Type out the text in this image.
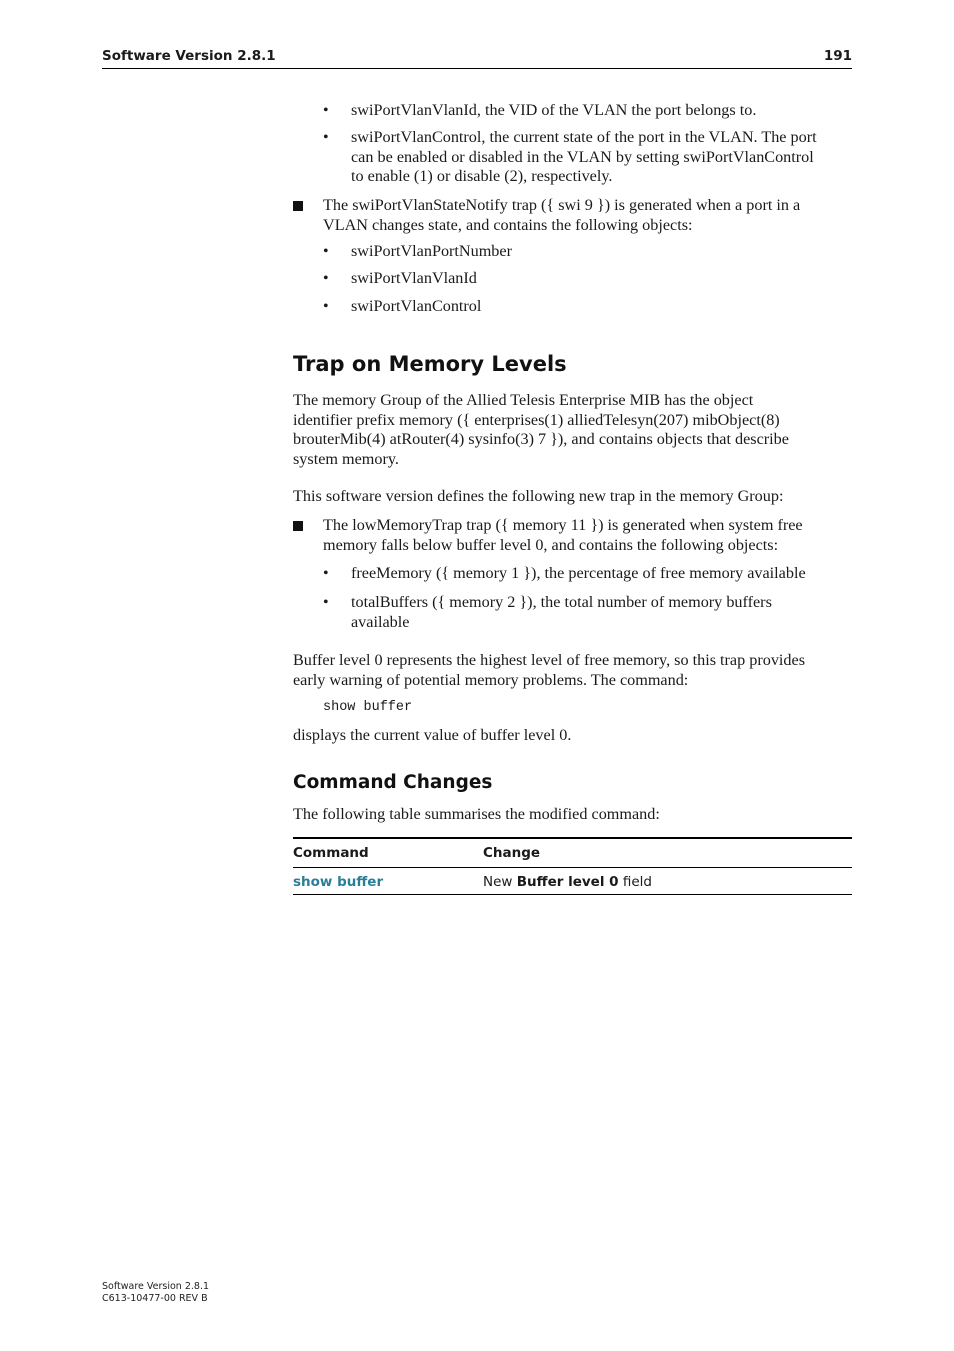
Software Version 2.8.1	191
• swiPortVlanVlanId, the VID of the VLAN the port belongs to.
• swiPortVlanControl, the current state of the port in the VLAN. The port
can be enabled or disabled in the VLAN by setting swiPortVlanControl
to enable (1) or disable (2), respectively.
The swiPortVlanStateNotify trap ({ swi 9 }) is generated when a port in a
VLAN changes state, and contains the following objects:
• swiPortVlanPortNumber
• swiPortVlanVlanId
• swiPortVlanControl
Trap on Memory Levels
The memory Group of the Allied Telesis Enterprise MIB has the object
identifier prefix memory ({ enterprises(1) alliedTelesyn(207) mibObject(8)
brouterMib(4) atRouter(4) sysinfo(3) 7 }), and contains objects that describe
system memory.
This software version defines the following new trap in the memory Group:
The lowMemoryTrap trap ({ memory 11 }) is generated when system free
memory falls below buffer level 0, and contains the following objects:
• freeMemory ({ memory 1 }), the percentage of free memory available
• totalBuffers ({ memory 2 }), the total number of memory buffers
available
Buffer level 0 represents the highest level of free memory, so this trap provides
early warning of potential memory problems. The command:
show buffer
displays the current value of buffer level 0.
Command Changes
The following table summarises the modified command:
Command	Change
show buffer	New Buffer level 0 field
Software Version 2.8.1
C613-10477-00 REV B
